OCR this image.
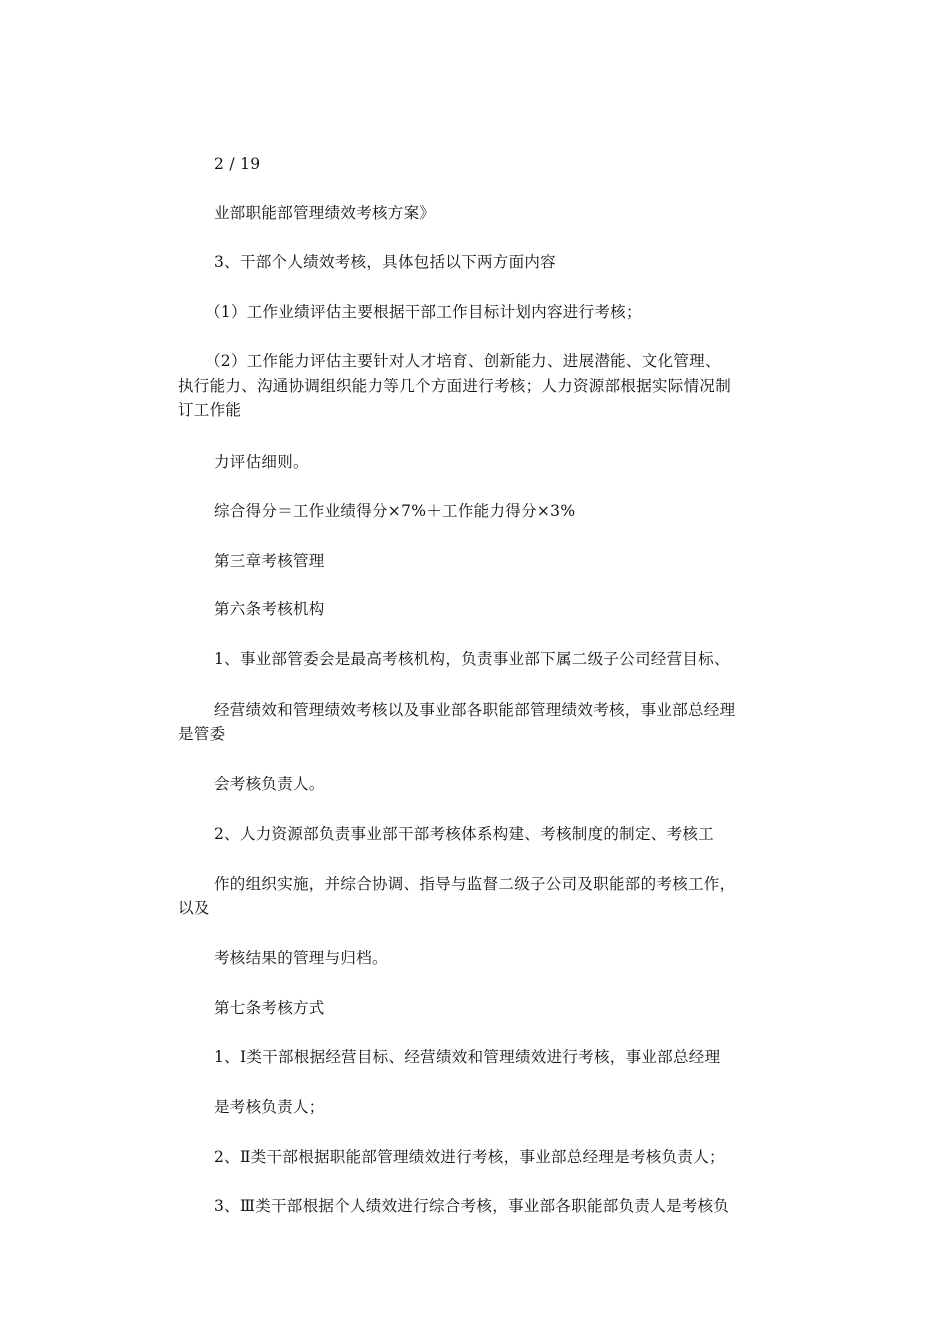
2 / 19
业部职能部管理绩效考核方案》
3、干部个人绩效考核，具体包括以下两方面内容
（1）工作业绩评估主要根据干部工作目标计划内容进行考核；
（2）工作能力评估主要针对人才培育、创新能力、进展潜能、文化管理、
执行能力、沟通协调组织能力等几个方面进行考核；人力资源部根据实际情况制
订工作能
力评估细则。
综合得分＝工作业绩得分×7%＋工作能力得分×3%
第三章考核管理
第六条考核机构
1、事业部管委会是最高考核机构，负责事业部下属二级子公司经营目标、
经营绩效和管理绩效考核以及事业部各职能部管理绩效考核，事业部总经理
是管委
会考核负责人。
2、人力资源部负责事业部干部考核体系构建、考核制度的制定、考核工
作的组织实施，并综合协调、指导与监督二级子公司及职能部的考核工作，
以及
考核结果的管理与归档。
第七条考核方式
1、Ⅰ类干部根据经营目标、经营绩效和管理绩效进行考核，事业部总经理
是考核负责人；
2、Ⅱ类干部根据职能部管理绩效进行考核，事业部总经理是考核负责人；
3、Ⅲ类干部根据个人绩效进行综合考核，事业部各职能部负责人是考核负
